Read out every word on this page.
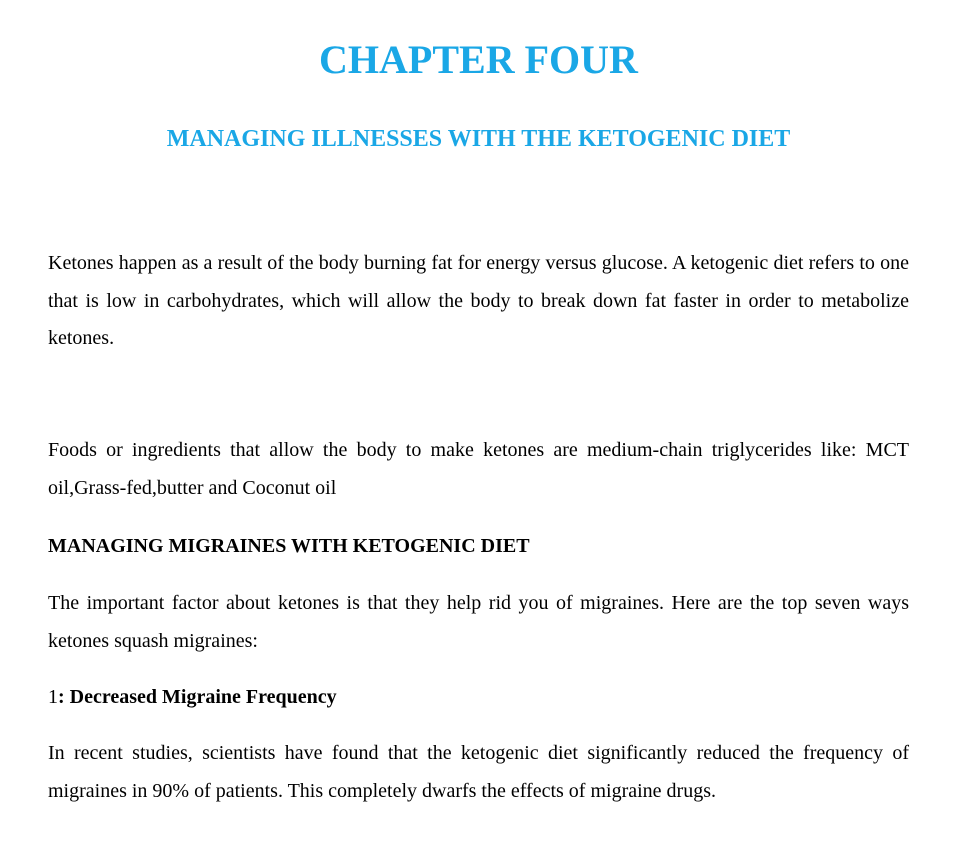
CHAPTER FOUR
MANAGING ILLNESSES WITH THE KETOGENIC DIET

Ketones happen as a result of the body burning fat for energy versus glucose. A ketogenic diet refers to one that is low in carbohydrates, which will allow the body to break down fat faster in order to metabolize ketones.

Foods or ingredients that allow the body to make ketones are medium-chain triglycerides like: MCT oil,Grass-fed,butter and Coconut oil

MANAGING MIGRAINES WITH KETOGENIC DIET

The important factor about ketones is that they help rid you of migraines. Here are the top seven ways ketones squash migraines:

1: Decreased Migraine Frequency

In recent studies, scientists have found that the ketogenic diet significantly reduced the frequency of migraines in 90% of patients. This completely dwarfs the effects of migraine drugs.
